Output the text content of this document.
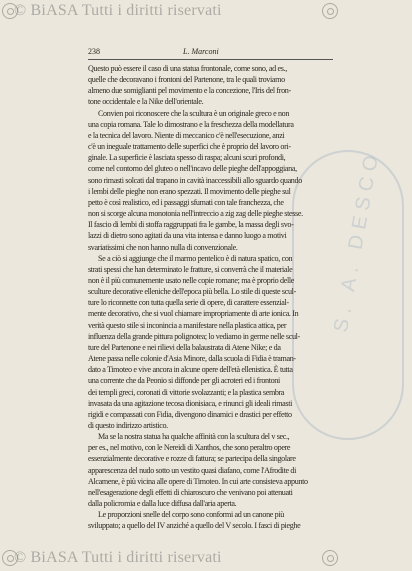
© BiASA Tutti i diritti riservati
S. A. DESCO
238	L. Marconi
Questo può essere il caso di una statua frontonale, come sono, ad es.,
quelle che decoravano i frontoni del Partenone, tra le quali troviamo
almeno due somiglianti pel movimento e la concezione, l'Iris del fron-
tone occidentale e la Nike dell'orientale.
Convien poi riconoscere che la scultura è un originale greco e non
una copia romana. Tale lo dimostrano e la freschezza della modellatura
e la tecnica del lavoro. Niente di meccanico c'è nell'esecuzione, anzi
c'è un ineguale trattamento delle superfici che è proprio del lavoro ori-
ginale. La superficie è lasciata spesso di raspa; alcuni scuri profondi,
come nel contorno del gluteo o nell'incavo delle pieghe dell'appoggiana,
sono rimasti solcati dal trapano in cavità inaccessibili allo sguardo quando
i lembi delle pieghe non erano spezzati. Il movimento delle pieghe sul
petto è così realistico, ed i passaggi sfumati con tale franchezza, che
non si scorge alcuna monotonia nell'intreccio a zig zag delle pieghe stesse.
Il fascio di lembi di stoffa raggruppati fra le gambe, la massa degli svo-
lazzi di dietro sono agitati da una vita intensa e danno luogo a motivi
svariatissimi che non hanno nulla di convenzionale.
Se a ciò si aggiunge che il marmo pentelico è di natura spatico, con
strati spessi che han determinato le fratture, si converrà che il materiale
non è il più comunemente usato nelle copie romane; ma è proprio delle
sculture decorative elleniche dell'epoca più bella. Lo stile di queste scul-
ture lo riconnette con tutta quella serie di opere, di carattere essenzial-
mente decorativo, che si vuol chiamare impropriamente di arte ionica. In
verità questo stile si inconincia a manifestare nella plastica attica, per
influenza della grande pittura polignotea; lo vediamo in germe nelle scul-
ture del Partenone e nei rilievi della balaustrata di Atene Nike; e da
Atene passa nelle colonie d'Asia Minore, dalla scuola di Fidia è traman-
dato a Timoteo e vive ancora in alcune opere dell'età ellenistica. È tutta
una corrente che da Peonio si diffonde per gli acroteri ed i frontoni
dei templi greci, coronati di vittorie svolazzanti; e la plastica sembra
invasata da una agitazione tecosa dionisiaca, e rinunci gli ideali rimasti
rigidi e compassati con Fidia, divengono dinamici e drastici per effetto
di questo indirizzo artistico.
Ma se la nostra statua ha qualche affinità con la scultura del v sec.,
per es., nel motivo, con le Nereidi di Xanthos, che sono peraltro opere
essenzialmente decorative e rozze di fattura; se partecipa della singolare
apparescenza del nudo sotto un vestito quasi diafano, come l'Afrodite di
Alcamene, è più vicina alle opere di Timoteo. In cui arte consisteva appunto
nell'esagerazione degli effetti di chiaroscuro che venivano poi attenuati
dalla policromia e dalla luce diffusa dall'aria aperta.
Le proporzioni snelle del corpo sono conformi ad un canone più
sviluppato; a quello del IV anziché a quello del V secolo. I fasci di pieghe
© BiASA Tutti i diritti riservati
